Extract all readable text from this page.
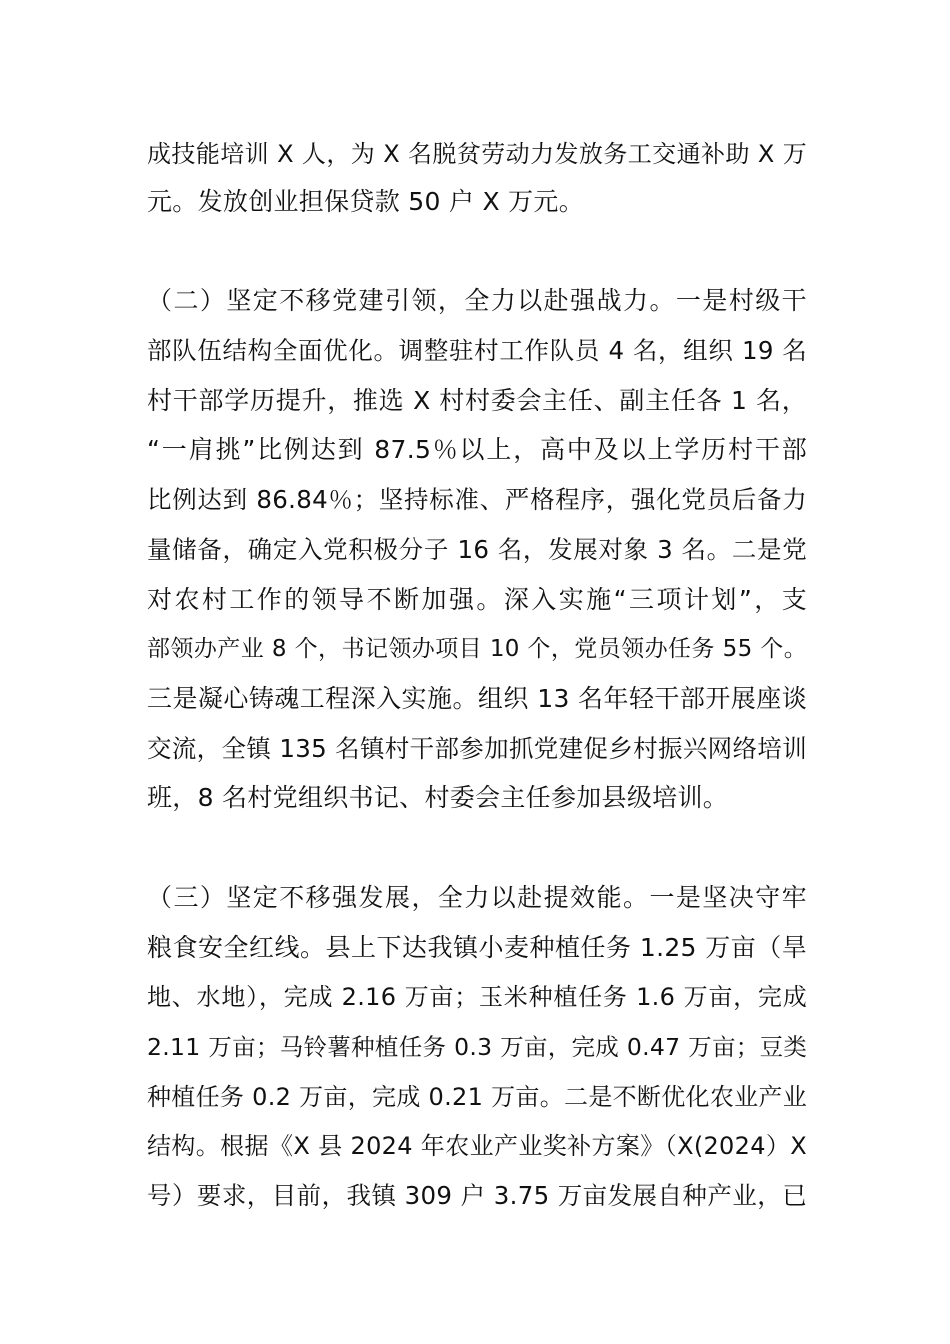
成技能培训 X 人，为 X 名脱贫劳动力发放务工交通补助 X 万
元。发放创业担保贷款 50 户 X 万元。
（二）坚定不移党建引领，全力以赴强战力。一是村级干
部队伍结构全面优化。调整驻村工作队员 4 名，组织 19 名
村干部学历提升，推选 X 村村委会主任、副主任各 1 名，
“一肩挑”比例达到 87.5％以上，高中及以上学历村干部
比例达到 86.84％；坚持标准、严格程序，强化党员后备力
量储备，确定入党积极分子 16 名，发展对象 3 名。二是党
对农村工作的领导不断加强。深入实施“三项计划”，支
部领办产业 8 个，书记领办项目 10 个，党员领办任务 55 个。
三是凝心铸魂工程深入实施。组织 13 名年轻干部开展座谈
交流，全镇 135 名镇村干部参加抓党建促乡村振兴网络培训
班，8 名村党组织书记、村委会主任参加县级培训。
（三）坚定不移强发展，全力以赴提效能。一是坚决守牢
粮食安全红线。县上下达我镇小麦种植任务 1.25 万亩（旱
地、水地），完成 2.16 万亩；玉米种植任务 1.6 万亩，完成
2.11 万亩；马铃薯种植任务 0.3 万亩，完成 0.47 万亩；豆类
种植任务 0.2 万亩，完成 0.21 万亩。二是不断优化农业产业
结构。根据《X 县 2024 年农业产业奖补方案》（X(2024）X
号）要求，目前，我镇 309 户 3.75 万亩发展自种产业，已
